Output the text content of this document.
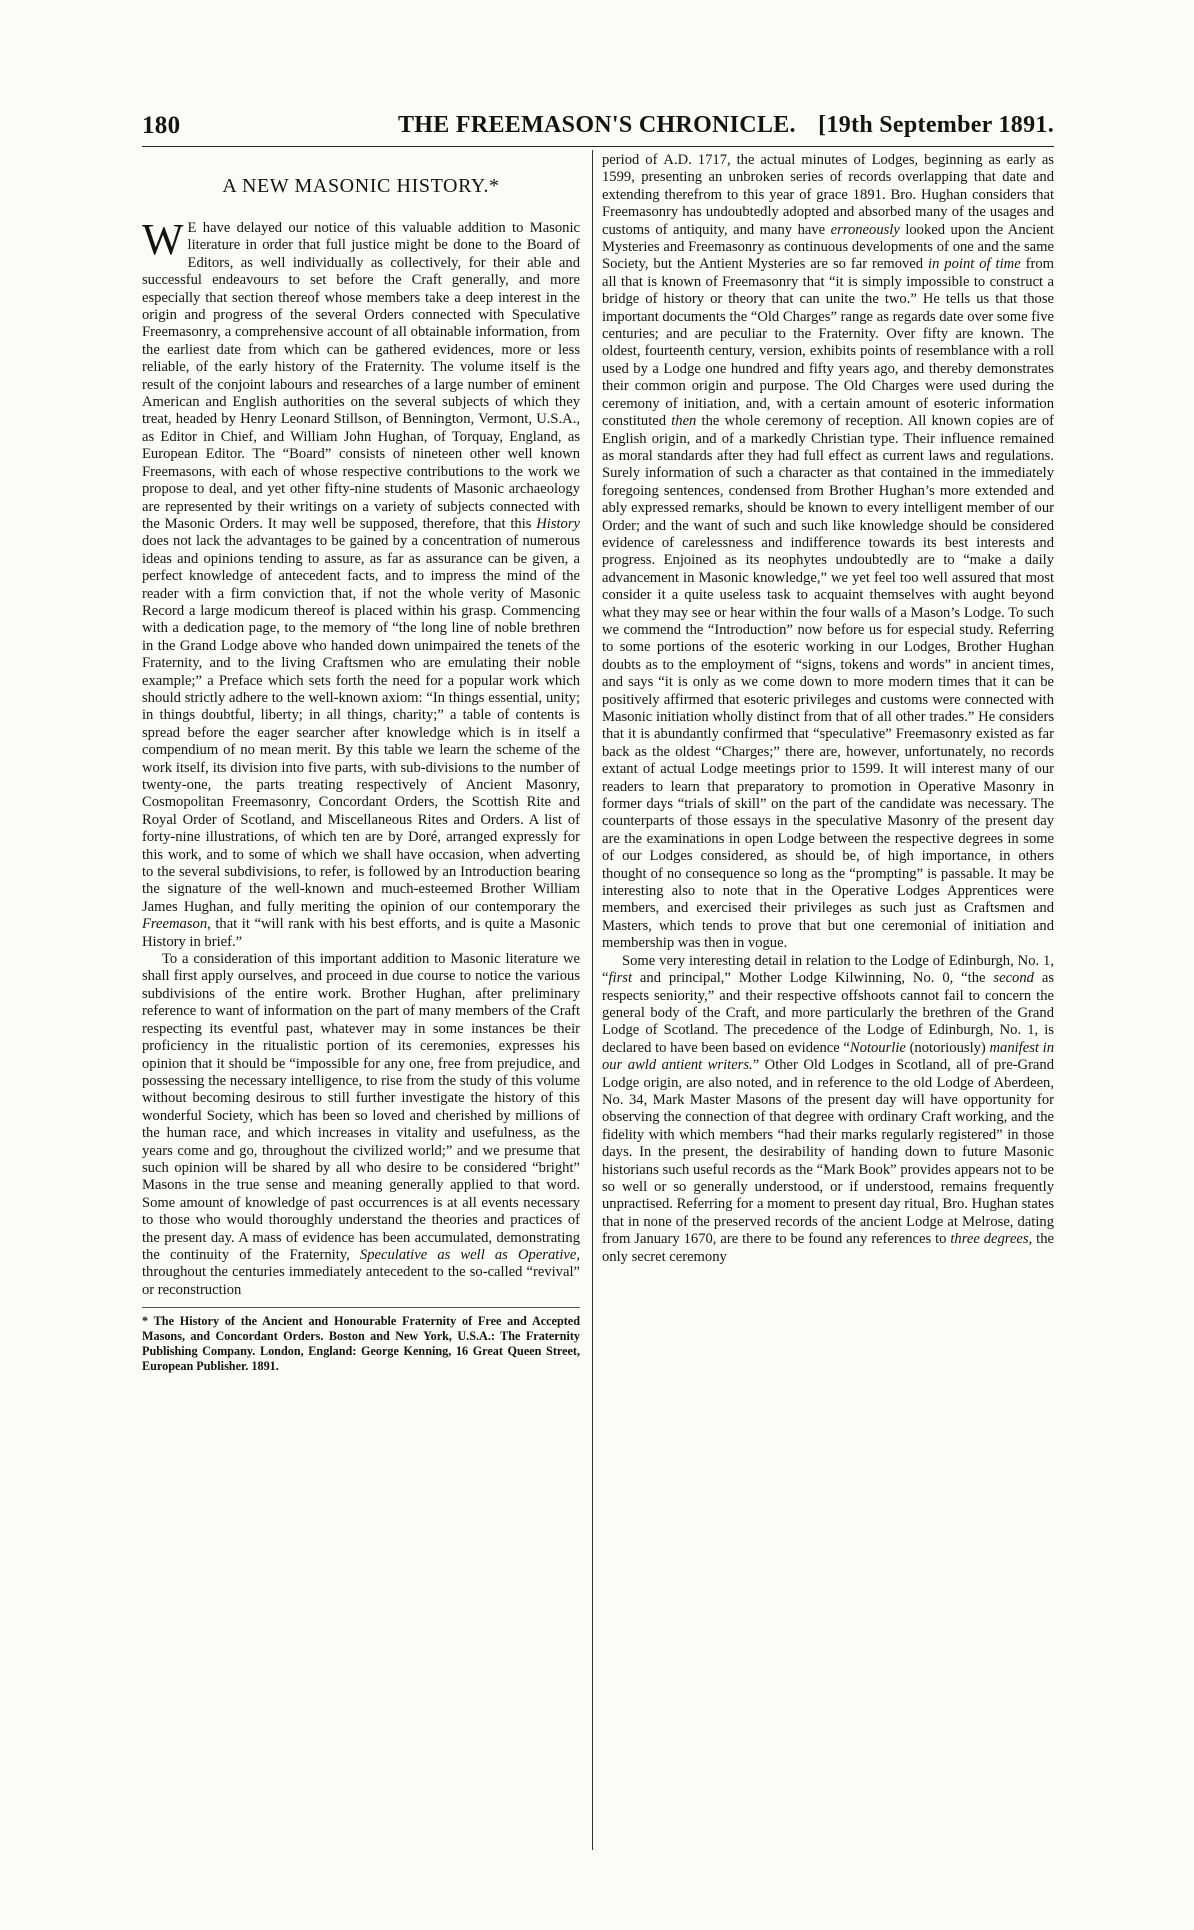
180	THE FREEMASON'S CHRONICLE. [19th September 1891.
A NEW MASONIC HISTORY.*

W E have delayed our notice of this valuable addition to Masonic literature in order that full justice might be done to the Board of Editors, as well individually as collectively, for their able and successful endeavours to set before the Craft generally, and more especially that section thereof whose members take a deep interest in the origin and progress of the several Orders connected with Speculative Freemasonry, a comprehensive account of all obtainable information, from the earliest date from which can be gathered evidences, more or less reliable, of the early history of the Fraternity. The volume itself is the result of the conjoint labours and researches of a large number of eminent American and English authorities on the several subjects of which they treat, headed by Henry Leonard Stillson, of Bennington, Vermont, U.S.A., as Editor in Chief, and William John Hughan, of Torquay, England, as European Editor. The “Board” consists of nineteen other well known Freemasons, with each of whose respective contributions to the work we propose to deal, and yet other fifty-nine students of Masonic archaeology are represented by their writings on a variety of subjects connected with the Masonic Orders. It may well be supposed, therefore, that this History does not lack the advantages to be gained by a concentration of numerous ideas and opinions tending to assure, as far as assurance can be given, a perfect knowledge of antecedent facts, and to impress the mind of the reader with a firm conviction that, if not the whole verity of Masonic Record a large modicum thereof is placed within his grasp. Commencing with a dedication page, to the memory of “the long line of noble brethren in the Grand Lodge above who handed down unimpaired the tenets of the Fraternity, and to the living Craftsmen who are emulating their noble example;” a Preface which sets forth the need for a popular work which should strictly adhere to the well-known axiom: “In things essential, unity; in things doubtful, liberty; in all things, charity;” a table of contents is spread before the eager searcher after knowledge which is in itself a compendium of no mean merit. By this table we learn the scheme of the work itself, its division into five parts, with sub-divisions to the number of twenty-one, the parts treating respectively of Ancient Masonry, Cosmopolitan Freemasonry, Concordant Orders, the Scottish Rite and Royal Order of Scotland, and Miscellaneous Rites and Orders. A list of forty-nine illustrations, of which ten are by Doré, arranged expressly for this work, and to some of which we shall have occasion, when adverting to the several subdivisions, to refer, is followed by an Introduction bearing the signature of the well-known and much-esteemed Brother William James Hughan, and fully meriting the opinion of our contemporary the Freemason, that it “will rank with his best efforts, and is quite a Masonic History in brief.”

To a consideration of this important addition to Masonic literature we shall first apply ourselves, and proceed in due course to notice the various subdivisions of the entire work. Brother Hughan, after preliminary reference to want of information on the part of many members of the Craft respecting its eventful past, whatever may in some instances be their proficiency in the ritualistic portion of its ceremonies, expresses his opinion that it should be “impossible for any one, free from prejudice, and possessing the necessary intelligence, to rise from the study of this volume without becoming desirous to still further investigate the history of this wonderful Society, which has been so loved and cherished by millions of the human race, and which increases in vitality and usefulness, as the years come and go, throughout the civilized world;” and we presume that such opinion will be shared by all who desire to be considered “bright” Masons in the true sense and meaning generally applied to that word. Some amount of knowledge of past occurrences is at all events necessary to those who would thoroughly understand the theories and practices of the present day. A mass of evidence has been accumulated, demonstrating the continuity of the Fraternity, Speculative as well as Operative, throughout the centuries immediately antecedent to the so-called “revival” or reconstruction

* The History of the Ancient and Honourable Fraternity of Free and Accepted Masons, and Concordant Orders. Boston and New York, U.S.A.: The Fraternity Publishing Company. London, England: George Kenning, 16 Great Queen Street, European Publisher. 1891.

period of A.D. 1717, the actual minutes of Lodges, beginning as early as 1599, presenting an unbroken series of records overlapping that date and extending therefrom to this year of grace 1891. Bro. Hughan considers that Freemasonry has undoubtedly adopted and absorbed many of the usages and customs of antiquity, and many have erroneously looked upon the Ancient Mysteries and Freemasonry as continuous developments of one and the same Society, but the Antient Mysteries are so far removed in point of time from all that is known of Freemasonry that “it is simply impossible to construct a bridge of history or theory that can unite the two.” He tells us that those important documents the “Old Charges” range as regards date over some five centuries; and are peculiar to the Fraternity. Over fifty are known. The oldest, fourteenth century, version, exhibits points of resemblance with a roll used by a Lodge one hundred and fifty years ago, and thereby demonstrates their common origin and purpose. The Old Charges were used during the ceremony of initiation, and, with a certain amount of esoteric information constituted then the whole ceremony of reception. All known copies are of English origin, and of a markedly Christian type. Their influence remained as moral standards after they had full effect as current laws and regulations. Surely information of such a character as that contained in the immediately foregoing sentences, condensed from Brother Hughan’s more extended and ably expressed remarks, should be known to every intelligent member of our Order; and the want of such and such like knowledge should be considered evidence of carelessness and indifference towards its best interests and progress. Enjoined as its neophytes undoubtedly are to “make a daily advancement in Masonic knowledge,” we yet feel too well assured that most consider it a quite useless task to acquaint themselves with aught beyond what they may see or hear within the four walls of a Mason’s Lodge. To such we commend the “Introduction” now before us for especial study. Referring to some portions of the esoteric working in our Lodges, Brother Hughan doubts as to the employment of “signs, tokens and words” in ancient times, and says “it is only as we come down to more modern times that it can be positively affirmed that esoteric privileges and customs were connected with Masonic initiation wholly distinct from that of all other trades.” He considers that it is abundantly confirmed that “speculative” Freemasonry existed as far back as the oldest “Charges;” there are, however, unfortunately, no records extant of actual Lodge meetings prior to 1599. It will interest many of our readers to learn that preparatory to promotion in Operative Masonry in former days “trials of skill” on the part of the candidate was necessary. The counterparts of those essays in the speculative Masonry of the present day are the examinations in open Lodge between the respective degrees in some of our Lodges considered, as should be, of high importance, in others thought of no consequence so long as the “prompting” is passable. It may be interesting also to note that in the Operative Lodges Apprentices were members, and exercised their privileges as such just as Craftsmen and Masters, which tends to prove that but one ceremonial of initiation and membership was then in vogue.

Some very interesting detail in relation to the Lodge of Edinburgh, No. 1, “first and principal,” Mother Lodge Kilwinning, No. 0, “the second as respects seniority,” and their respective offshoots cannot fail to concern the general body of the Craft, and more particularly the brethren of the Grand Lodge of Scotland. The precedence of the Lodge of Edinburgh, No. 1, is declared to have been based on evidence “Notourlie (notoriously) manifest in our awld antient writers.” Other Old Lodges in Scotland, all of pre-Grand Lodge origin, are also noted, and in reference to the old Lodge of Aberdeen, No. 34, Mark Master Masons of the present day will have opportunity for observing the connection of that degree with ordinary Craft working, and the fidelity with which members “had their marks regularly registered” in those days. In the present, the desirability of handing down to future Masonic historians such useful records as the “Mark Book” provides appears not to be so well or so generally understood, or if understood, remains frequently unpractised. Referring for a moment to present day ritual, Bro. Hughan states that in none of the preserved records of the ancient Lodge at Melrose, dating from January 1670, are there to be found any references to three degrees, the only secret ceremony
